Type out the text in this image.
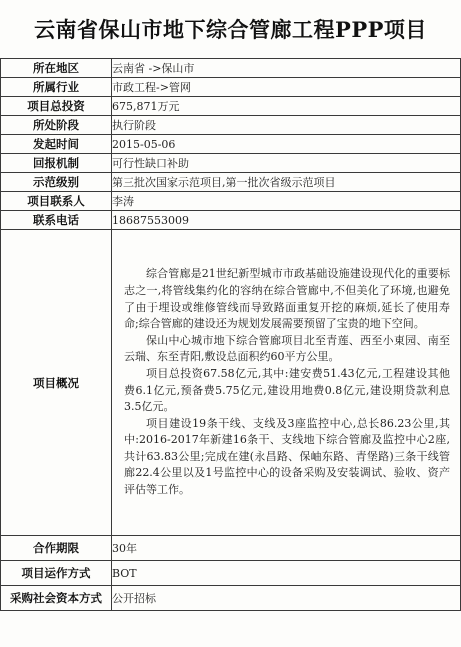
云南省保山市地下综合管廊工程PPP项目
所在地区	云南省 ->保山市
所属行业	市政工程->管网
项目总投资	675,871万元
所处阶段	执行阶段
发起时间	2015-05-06
回报机制	可行性缺口补助
示范级别	第三批次国家示范项目,第一批次省级示范项目
项目联系人	李涛
联系电话	18687553009
项目概况	综合管廊是21世纪新型城市市政基础设施建设现代化的重要标志之一,将管线集约化的容纳在综合管廊中,不但美化了环境,也避免了由于埋设或维修管线而导致路面重复开挖的麻烦,延长了使用寿命;综合管廊的建设还为规划发展需要预留了宝贵的地下空间。

保山中心城市地下综合管廊项目北至青莲、西至小東园、南至云瑞、东至青阳,敷设总面积约60平方公里。

项目总投资67.58亿元,其中:建安费51.43亿元,工程建设其他费6.1亿元,预备费5.75亿元,建设用地费0.8亿元,建设期贷款利息3.5亿元。

项目建设19条干线、支线及3座监控中心,总长86.23公里,其中:2016-2017年新建16条干、支线地下综合管廊及监控中心2座,共计63.83公里;完成在建(永昌路、保岫东路、青堡路)三条干线管廊22.4公里以及1号监控中心的设备采购及安装调试、验收、资产评估等工作。

合作期限	30年
项目运作方式	BOT
采购社会资本方式	公开招标
